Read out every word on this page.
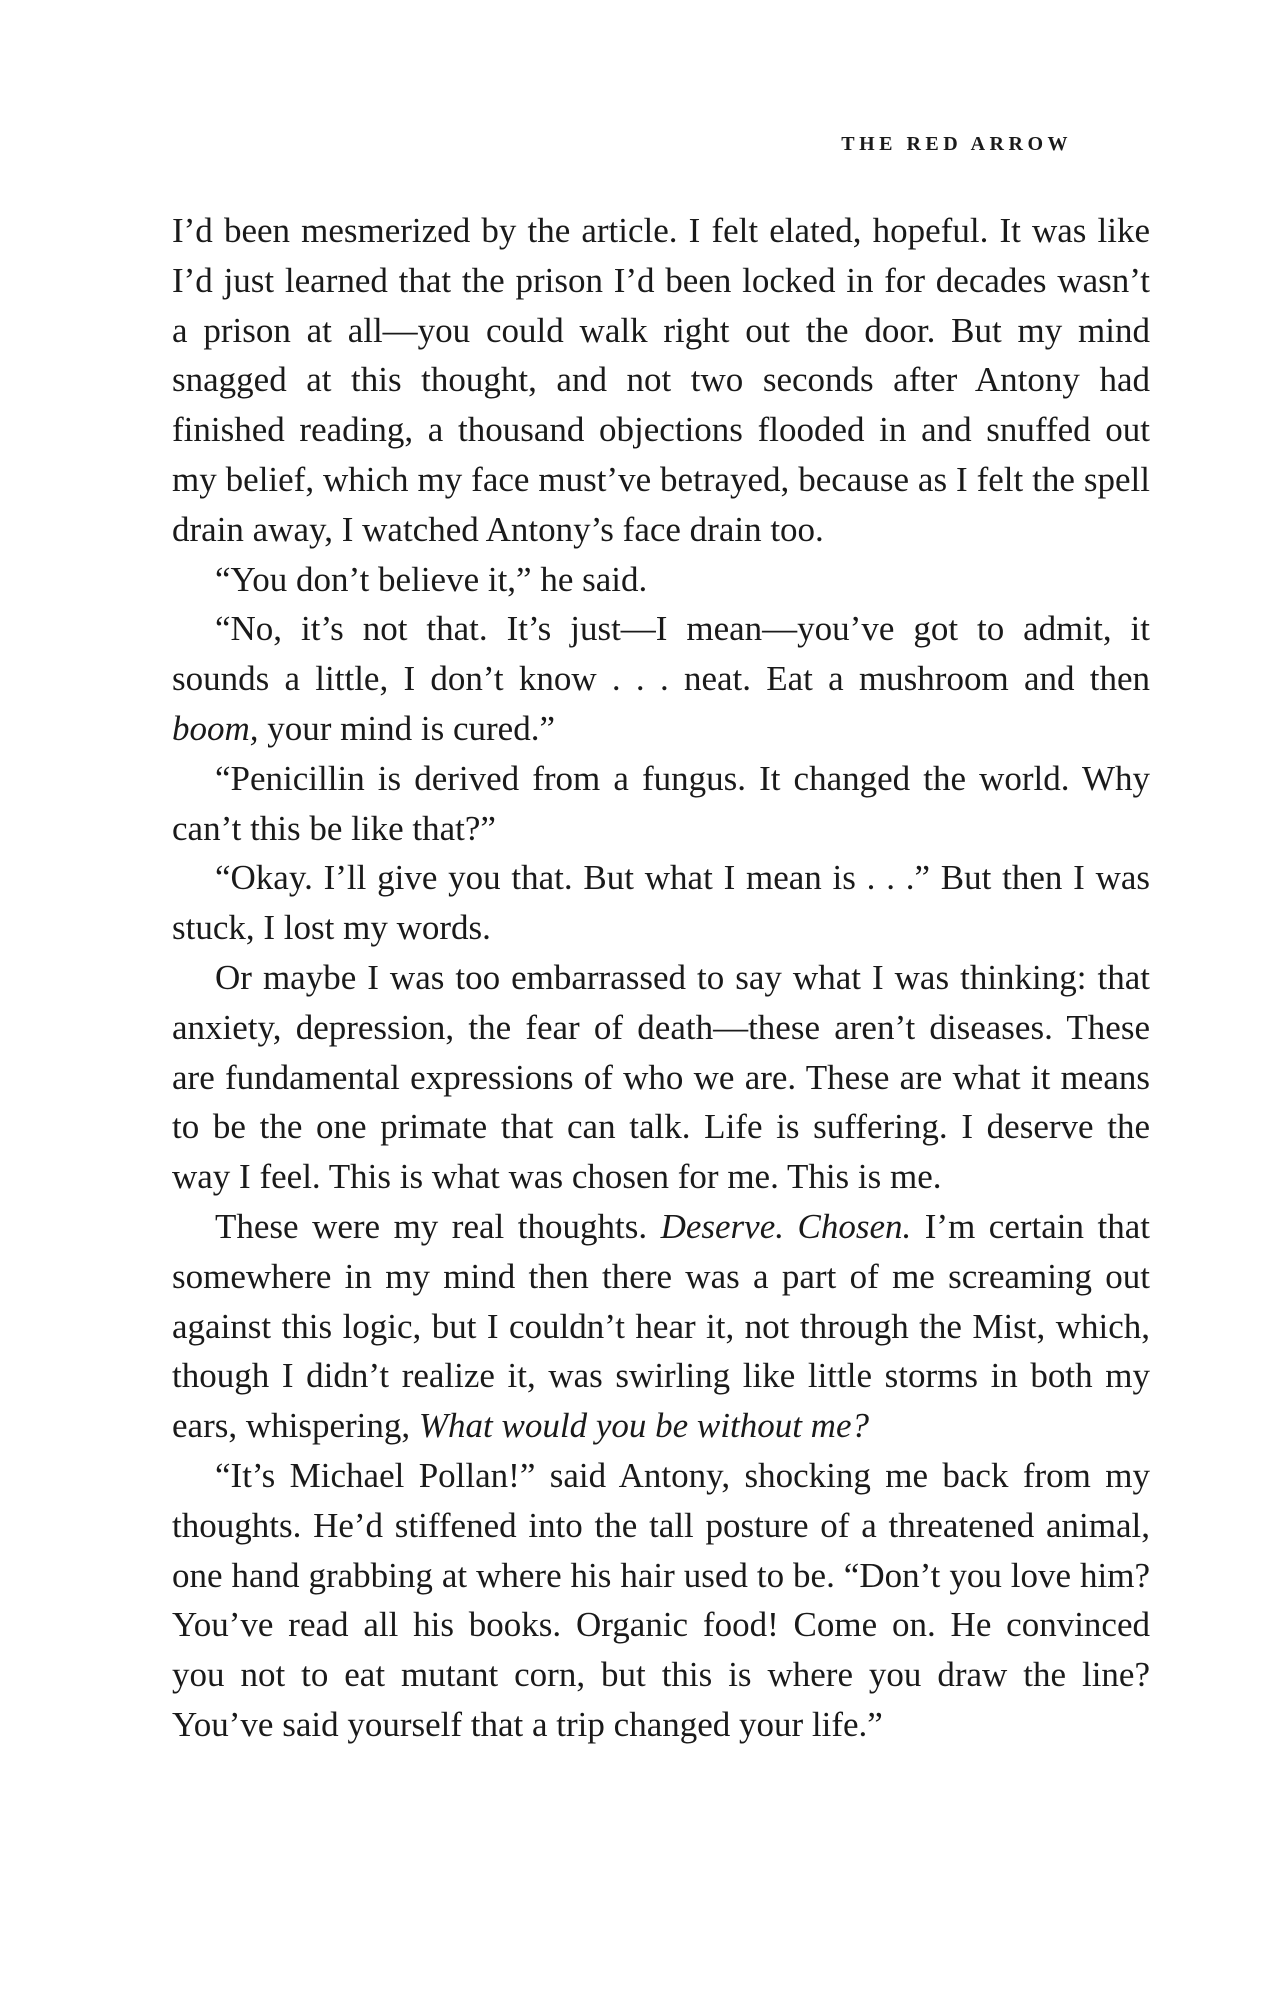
THE RED ARROW

I’d been mesmerized by the article. I felt elated, hopeful. It was like I’d just learned that the prison I’d been locked in for decades wasn’t a prison at all—you could walk right out the door. But my mind snagged at this thought, and not two seconds after Antony had finished reading, a thousand objections flooded in and snuffed out my belief, which my face must’ve betrayed, because as I felt the spell drain away, I watched Antony’s face drain too.

“You don’t believe it,” he said.

“No, it’s not that. It’s just—I mean—you’ve got to admit, it sounds a little, I don’t know . . . neat. Eat a mushroom and then boom, your mind is cured.”

“Penicillin is derived from a fungus. It changed the world. Why can’t this be like that?”

“Okay. I’ll give you that. But what I mean is . . .” But then I was stuck, I lost my words.

Or maybe I was too embarrassed to say what I was thinking: that anxiety, depression, the fear of death—these aren’t diseases. These are fundamental expressions of who we are. These are what it means to be the one primate that can talk. Life is suffering. I deserve the way I feel. This is what was chosen for me. This is me.

These were my real thoughts. Deserve. Chosen. I’m certain that somewhere in my mind then there was a part of me screaming out against this logic, but I couldn’t hear it, not through the Mist, which, though I didn’t realize it, was swirling like little storms in both my ears, whispering, What would you be without me?

“It’s Michael Pollan!” said Antony, shocking me back from my thoughts. He’d stiffened into the tall posture of a threatened animal, one hand grabbing at where his hair used to be. “Don’t you love him? You’ve read all his books. Organic food! Come on. He convinced you not to eat mutant corn, but this is where you draw the line? You’ve said yourself that a trip changed your life.”
